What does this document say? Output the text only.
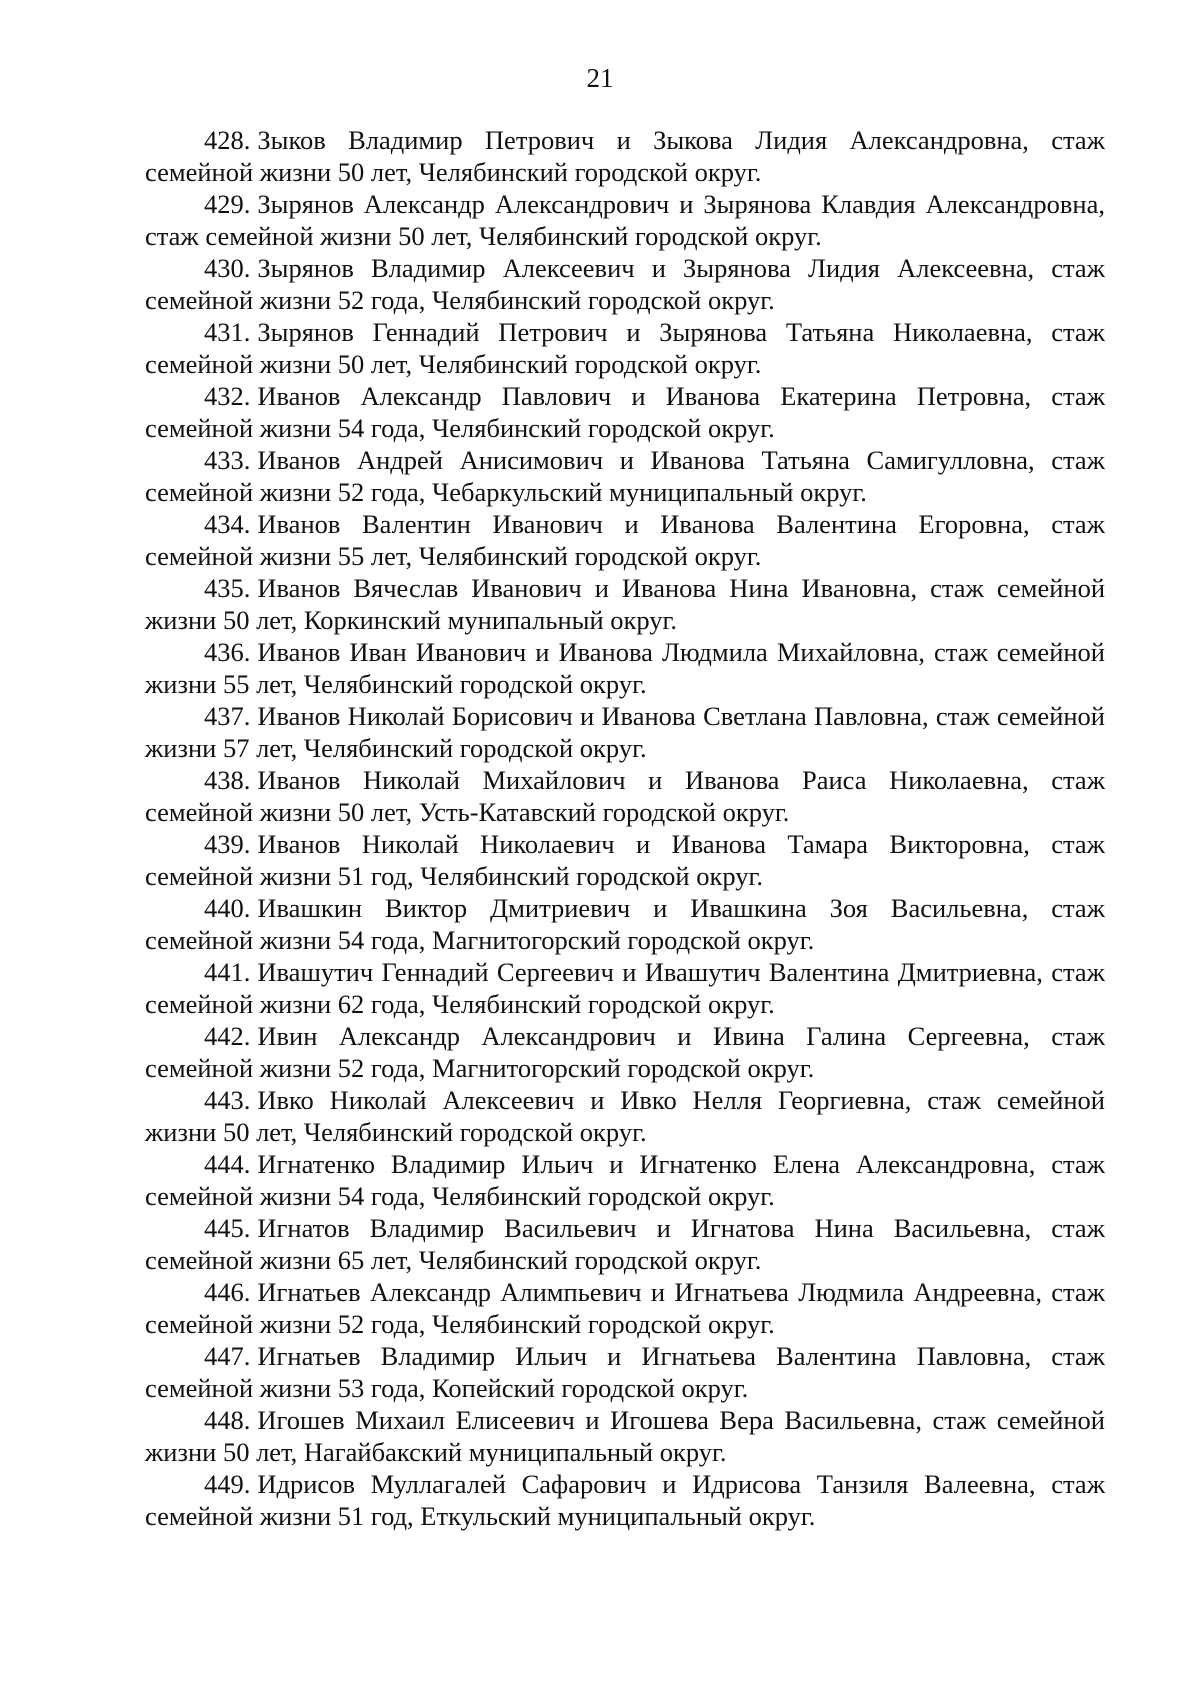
21

428. Зыков Владимир Петрович и Зыкова Лидия Александровна, стаж семейной жизни 50 лет, Челябинский городской округ.

429. Зырянов Александр Александрович и Зырянова Клавдия Александровна, стаж семейной жизни 50 лет, Челябинский городской округ.

430. Зырянов Владимир Алексеевич и Зырянова Лидия Алексеевна, стаж семейной жизни 52 года, Челябинский городской округ.

431. Зырянов Геннадий Петрович и Зырянова Татьяна Николаевна, стаж семейной жизни 50 лет, Челябинский городской округ.

432. Иванов Александр Павлович и Иванова Екатерина Петровна, стаж семейной жизни 54 года, Челябинский городской округ.

433. Иванов Андрей Анисимович и Иванова Татьяна Самигулловна, стаж семейной жизни 52 года, Чебаркульский муниципальный округ.

434. Иванов Валентин Иванович и Иванова Валентина Егоровна, стаж семейной жизни 55 лет, Челябинский городской округ.

435. Иванов Вячеслав Иванович и Иванова Нина Ивановна, стаж семейной жизни 50 лет, Коркинский мунипальный округ.

436. Иванов Иван Иванович и Иванова Людмила Михайловна, стаж семейной жизни 55 лет, Челябинский городской округ.

437. Иванов Николай Борисович и Иванова Светлана Павловна, стаж семейной жизни 57 лет, Челябинский городской округ.

438. Иванов Николай Михайлович и Иванова Раиса Николаевна, стаж семейной жизни 50 лет, Усть-Катавский городской округ.

439. Иванов Николай Николаевич и Иванова Тамара Викторовна, стаж семейной жизни 51 год, Челябинский городской округ.

440. Ивашкин Виктор Дмитриевич и Ивашкина Зоя Васильевна, стаж семейной жизни 54 года, Магнитогорский городской округ.

441. Ивашутич Геннадий Сергеевич и Ивашутич Валентина Дмитриевна, стаж семейной жизни 62 года, Челябинский городской округ.

442. Ивин Александр Александрович и Ивина Галина Сергеевна, стаж семейной жизни 52 года, Магнитогорский городской округ.

443. Ивко Николай Алексеевич и Ивко Нелля Георгиевна, стаж семейной жизни 50 лет, Челябинский городской округ.

444. Игнатенко Владимир Ильич и Игнатенко Елена Александровна, стаж семейной жизни 54 года, Челябинский городской округ.

445. Игнатов Владимир Васильевич и Игнатова Нина Васильевна, стаж семейной жизни 65 лет, Челябинский городской округ.

446. Игнатьев Александр Алимпьевич и Игнатьева Людмила Андреевна, стаж семейной жизни 52 года, Челябинский городской округ.

447. Игнатьев Владимир Ильич и Игнатьева Валентина Павловна, стаж семейной жизни 53 года, Копейский городской округ.

448. Игошев Михаил Елисеевич и Игошева Вера Васильевна, стаж семейной жизни 50 лет, Нагайбакский муниципальный округ.

449. Идрисов Муллагалей Сафарович и Идрисова Танзиля Валеевна, стаж семейной жизни 51 год, Еткульский муниципальный округ.
